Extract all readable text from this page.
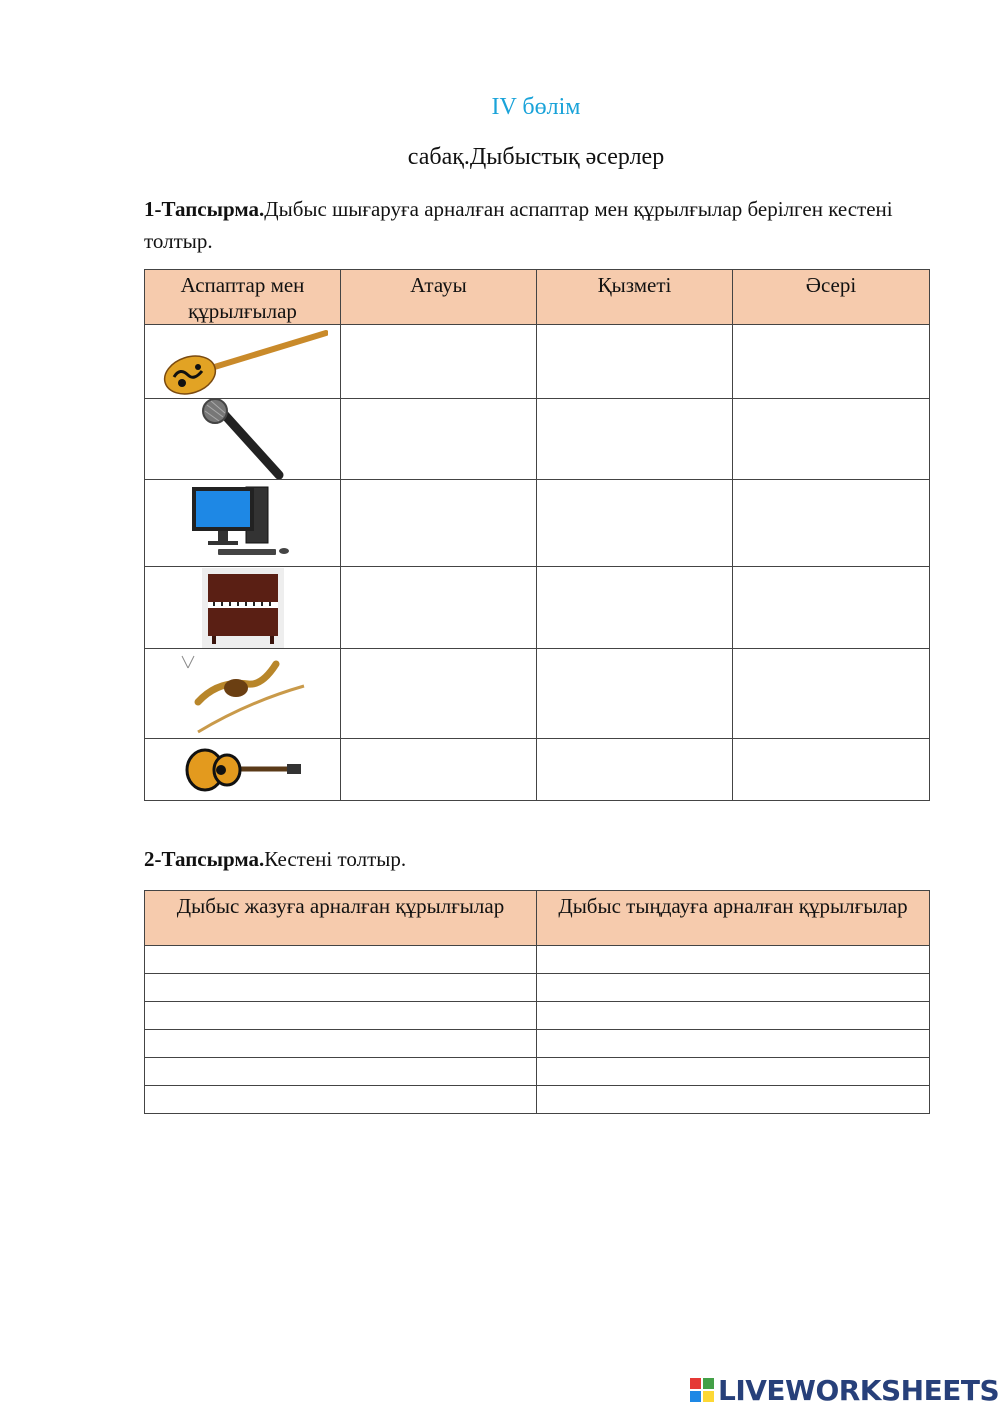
IV бөлім
сабақ.Дыбыстық әсерлер
1-Тапсырма.Дыбыс шығаруға арналған аспаптар мен құрылғылар берілген кестені толтыр.
Аспаптар мен құрылғылар	Атауы	Қызметі	Әсері

2-Тапсырма.Кестені толтыр.
Дыбыс жазуға арналған құрылғылар	Дыбыс тыңдауға арналған құрылғылар

LIVEWORKSHEETS
